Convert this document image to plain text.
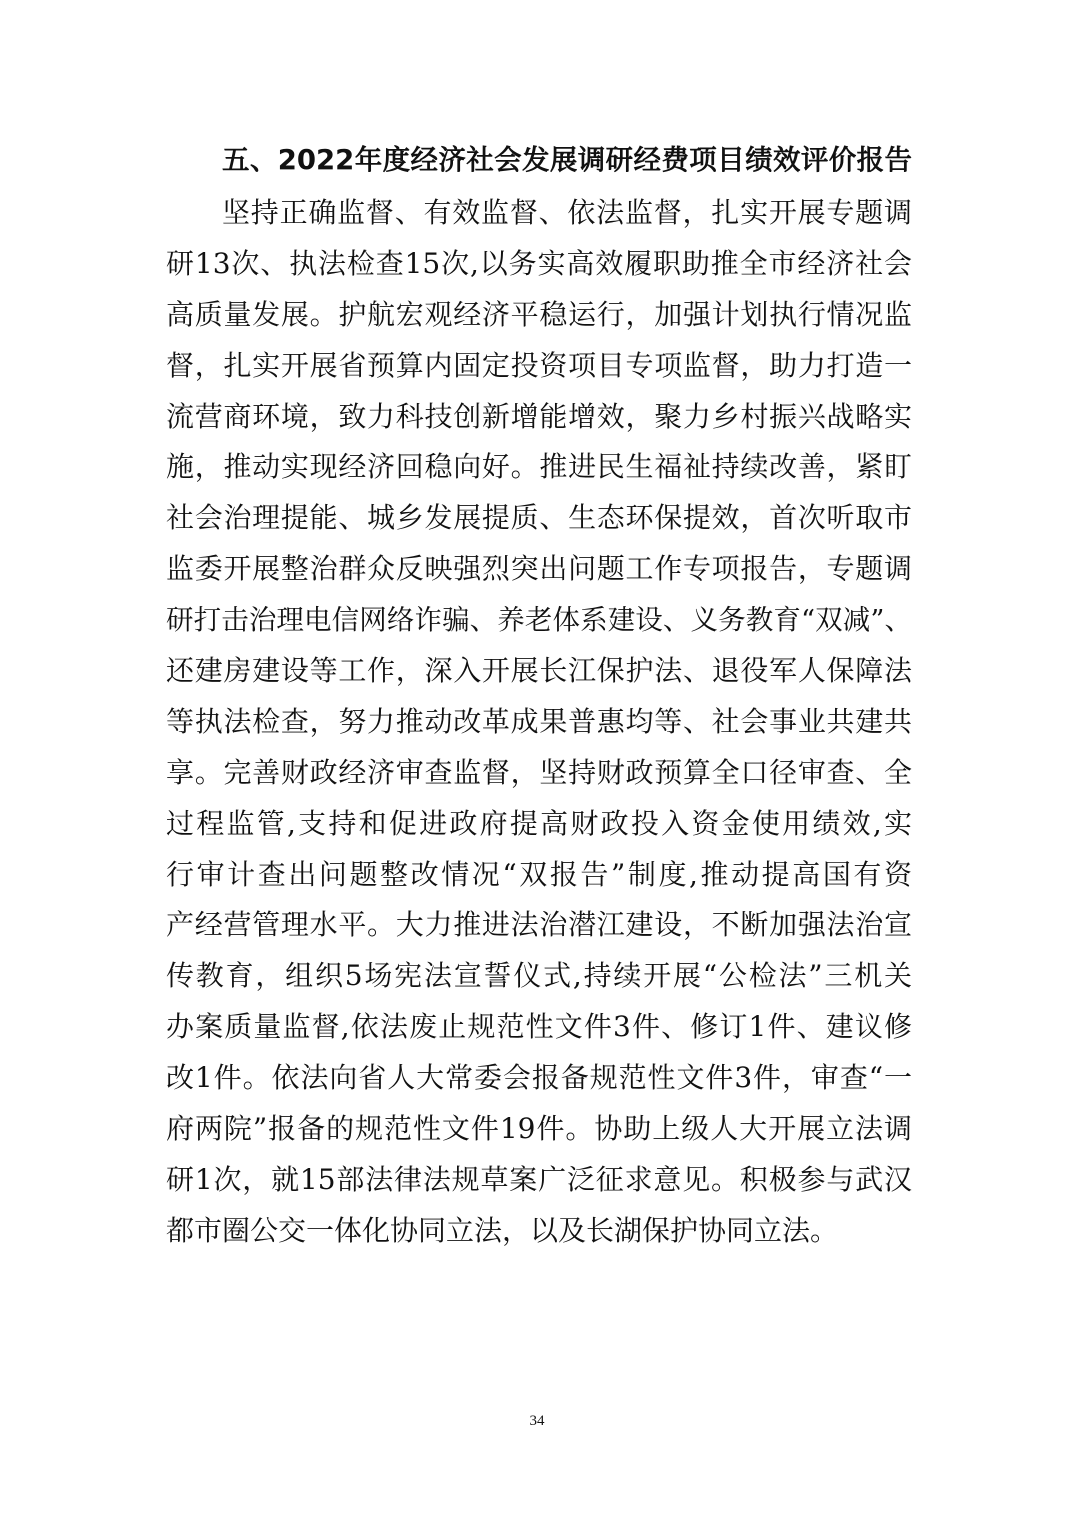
五、2022年度经济社会发展调研经费项目绩效评价报告
坚持正确监督、有效监督、依法监督，扎实开展专题调
研13次、执法检查15次,以务实高效履职助推全市经济社会
高质量发展。护航宏观经济平稳运行，加强计划执行情况监
督，扎实开展省预算内固定投资项目专项监督，助力打造一
流营商环境，致力科技创新增能增效，聚力乡村振兴战略实
施，推动实现经济回稳向好。推进民生福祉持续改善，紧盯
社会治理提能、城乡发展提质、生态环保提效，首次听取市
监委开展整治群众反映强烈突出问题工作专项报告，专题调
研打击治理电信网络诈骗、养老体系建设、义务教育“双减”、
还建房建设等工作，深入开展长江保护法、退役军人保障法
等执法检查，努力推动改革成果普惠均等、社会事业共建共
享。完善财政经济审查监督，坚持财政预算全口径审查、全
过程监管,支持和促进政府提高财政投入资金使用绩效,实
行审计查出问题整改情况“双报告”制度,推动提高国有资
产经营管理水平。大力推进法治潜江建设，不断加强法治宣
传教育，组织5场宪法宣誓仪式,持续开展“公检法”三机关
办案质量监督,依法废止规范性文件3件、修订1件、建议修
改1件。依法向省人大常委会报备规范性文件3件，审查“一
府两院”报备的规范性文件19件。协助上级人大开展立法调
研1次，就15部法律法规草案广泛征求意见。积极参与武汉
都市圈公交一体化协同立法，以及长湖保护协同立法。
34
